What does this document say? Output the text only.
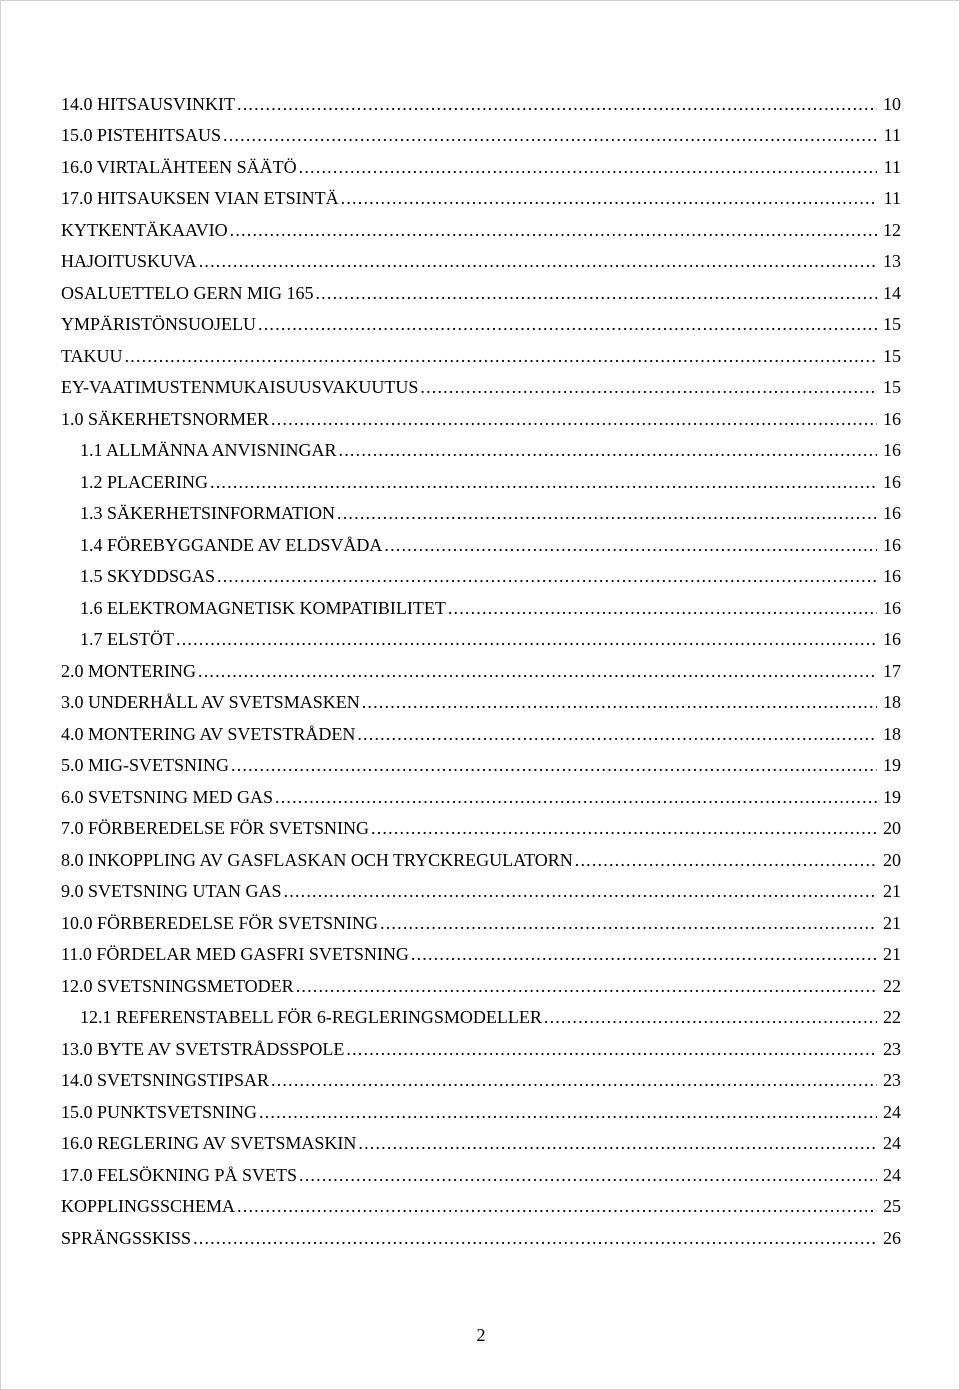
14.0 HITSAUSVINKIT .....	10
15.0 PISTEHITSAUS .....	11
16.0 VIRTALÄHTEEN SÄÄTÖ .....	11
17.0 HITSAUKSEN VIAN ETSINTÄ .....	11
KYTKENTÄKAAVIO .....	12
HAJOITUSKUVA .....	13
OSALUETTELO GERN MIG 165 .....	14
YMPÄRISTÖNSUOJELU .....	15
TAKUU .....	15
EY-VAATIMUSTENMUKAISUUSVAKUUTUS .....	15
1.0 SÄKERHETSNORMER .....	16
1.1 ALLMÄNNA ANVISNINGAR .....	16
1.2 PLACERING .....	16
1.3 SÄKERHETSINFORMATION .....	16
1.4 FÖREBYGGANDE AV ELDSVÅDA .....	16
1.5 SKYDDSGAS .....	16
1.6 ELEKTROMAGNETISK KOMPATIBILITET .....	16
1.7 ELSTÖT .....	16
2.0 MONTERING .....	17
3.0 UNDERHÅLL AV SVETSMASKEN .....	18
4.0 MONTERING AV SVETSTRÅDEN .....	18
5.0 MIG-SVETSNING .....	19
6.0 SVETSNING MED GAS .....	19
7.0 FÖRBEREDELSE FÖR SVETSNING .....	20
8.0 INKOPPLING AV GASFLASKAN OCH TRYCKREGULATORN .....	20
9.0 SVETSNING UTAN GAS .....	21
10.0 FÖRBEREDELSE FÖR SVETSNING .....	21
11.0 FÖRDELAR MED GASFRI SVETSNING .....	21
12.0 SVETSNINGSMETODER .....	22
12.1 REFERENSTABELL FÖR 6-REGLERINGSMODELLER .....	22
13.0 BYTE AV SVETSTRÅDSSPOLE .....	23
14.0 SVETSNINGSTIPSAR .....	23
15.0 PUNKTSVETSNING .....	24
16.0 REGLERING AV SVETSMASKIN .....	24
17.0 FELSÖKNING PÅ SVETS .....	24
KOPPLINGSSCHEMA .....	25
SPRÄNGSSKISS .....	26
2
